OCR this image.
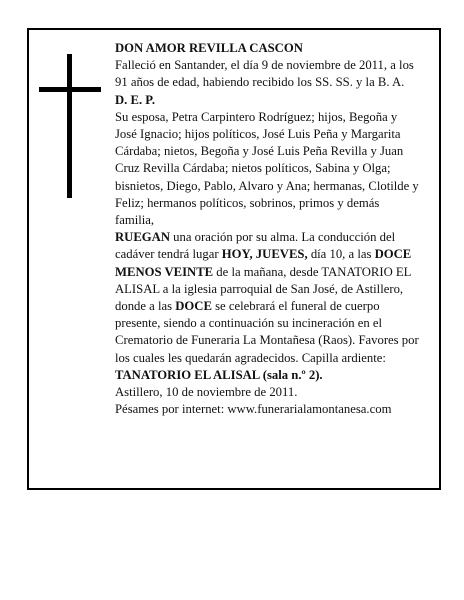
DON AMOR REVILLA CASCON

Falleció en Santander, el día 9 de noviembre de 2011, a los 91 años de edad, habiendo recibido los SS. SS. y la B. A.

D. E. P.

Su esposa, Petra Carpintero Rodríguez; hijos, Begoña y José Ignacio; hijos políticos, José Luis Peña y Margarita Cárdaba; nietos, Begoña y José Luis Peña Revilla y Juan Cruz Revilla Cárdaba; nietos políticos, Sabina y Olga; bisnietos, Diego, Pablo, Alvaro y Ana; hermanas, Clotilde y Feliz; hermanos políticos, sobrinos, primos y demás familia,

RUEGAN una oración por su alma. La conducción del cadáver tendrá lugar HOY, JUEVES, día 10, a las DOCE MENOS VEINTE de la mañana, desde TANATORIO EL ALISAL a la iglesia parroquial de San José, de Astillero, donde a las DOCE se celebrará el funeral de cuerpo presente, siendo a continuación su incineración en el Crematorio de Funeraria La Montañesa (Raos). Favores por los cuales les quedarán agradecidos. Capilla ardiente: TANATORIO EL ALISAL (sala n.º 2).

Astillero, 10 de noviembre de 2011.

Pésames por internet: www.funerarialamontanesa.com
